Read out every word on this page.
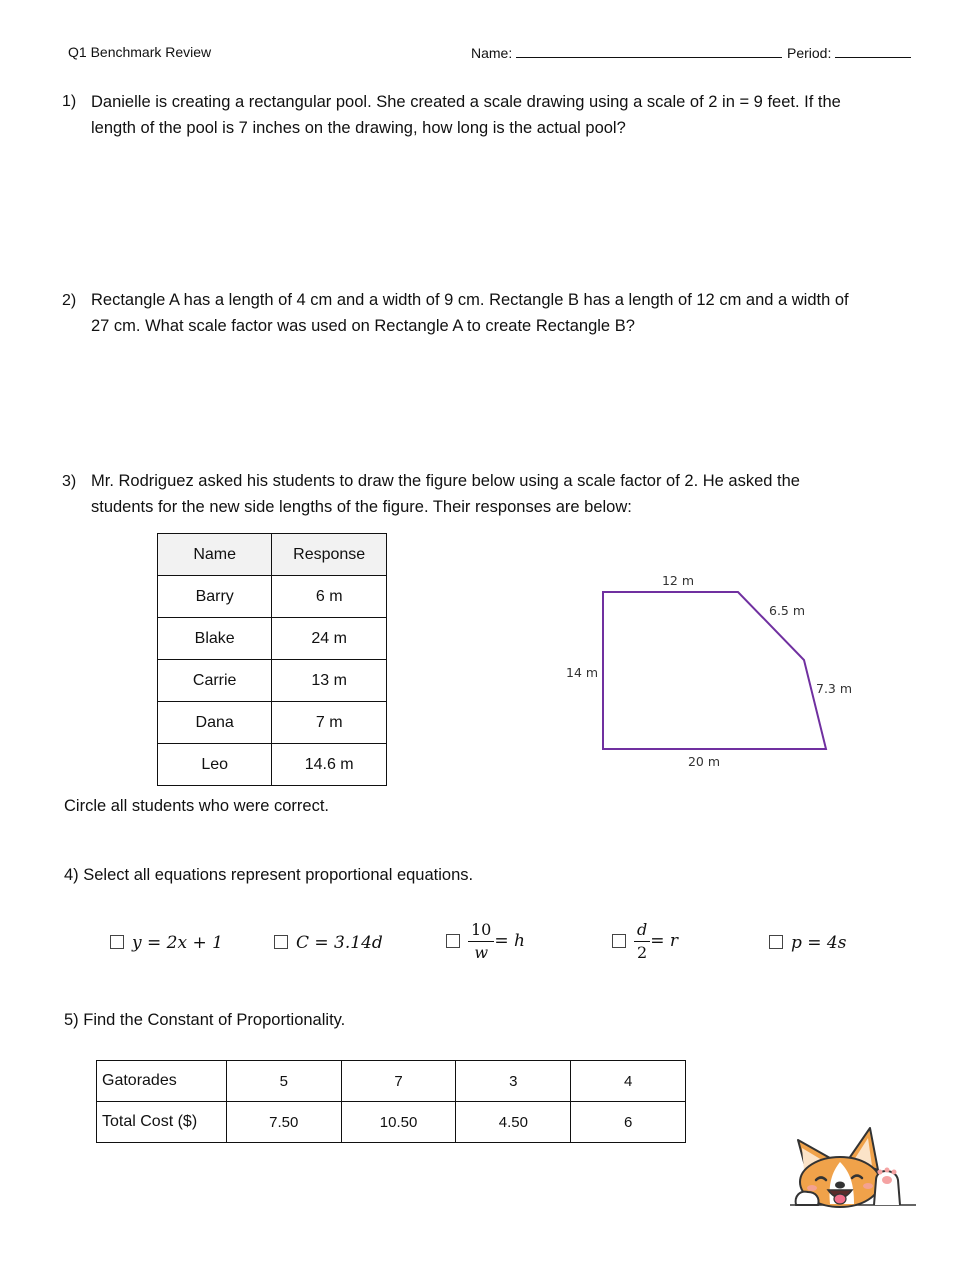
Q1 Benchmark Review	Name:	Period:
1) Danielle is creating a rectangular pool. She created a scale drawing using a scale of 2 in = 9 feet. If the
length of the pool is 7 inches on the drawing, how long is the actual pool?
2) Rectangle A has a length of 4 cm and a width of 9 cm. Rectangle B has a length of 12 cm and a width of
27 cm. What scale factor was used on Rectangle A to create Rectangle B?
3) Mr. Rodriguez asked his students to draw the figure below using a scale factor of 2. He asked the
students for the new side lengths of the figure. Their responses are below:
Name	Response
Barry	6 m
Blake	24 m
Carrie	13 m
Dana	7 m
Leo	14.6 m
12 m
6.5 m
14 m
7.3 m
20 m
Circle all students who were correct.
4) Select all equations represent proportional equations.
y = 2x + 1	C = 3.14d	$\frac{10}{w} = h$	$\frac{d}{2} = r$	p = 4s
5) Find the Constant of Proportionality.
Gatorades	5	7	3	4
Total Cost ($)	7.50	10.50	4.50	6
